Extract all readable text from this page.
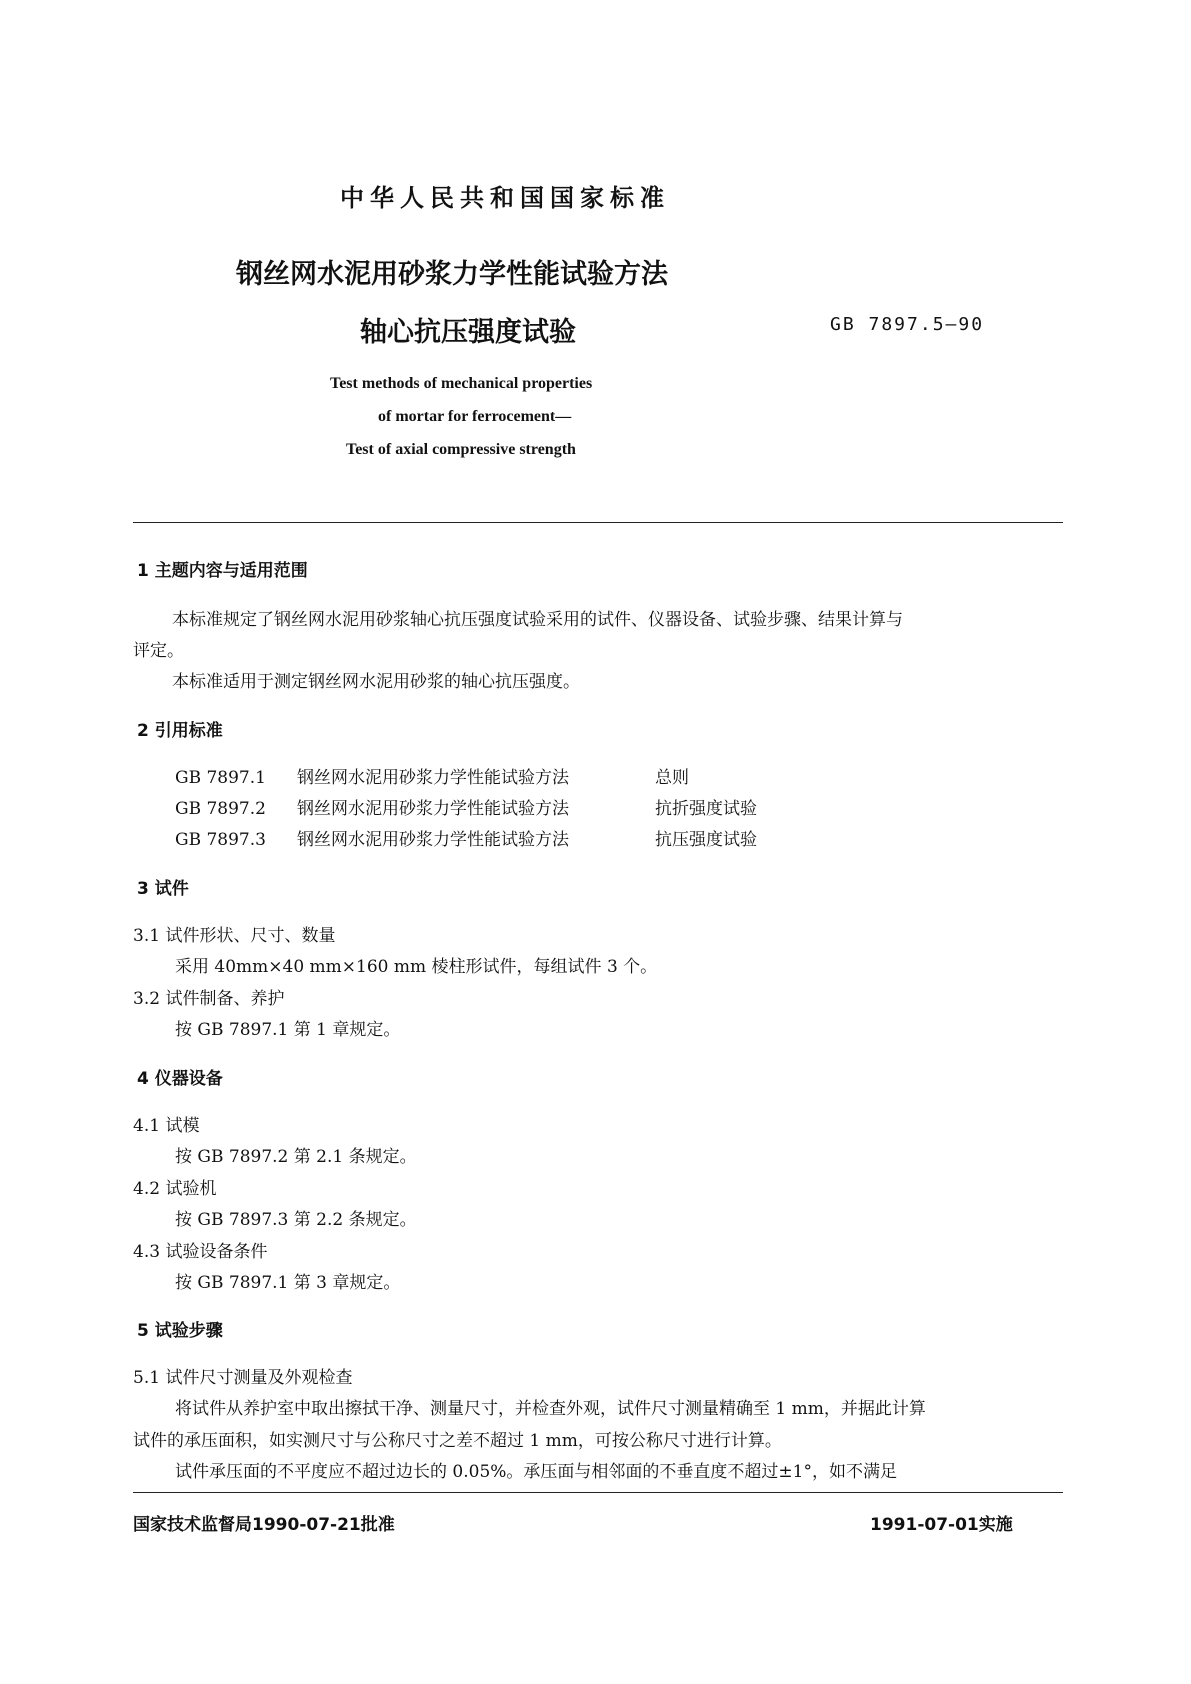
中华人民共和国国家标准
钢丝网水泥用砂浆力学性能试验方法
轴心抗压强度试验	GB 7897.5—90
Test methods of mechanical properties
of mortar for ferrocement—
Test of axial compressive strength
1 主题内容与适用范围
本标准规定了钢丝网水泥用砂浆轴心抗压强度试验采用的试件、仪器设备、试验步骤、结果计算与
评定。
本标准适用于测定钢丝网水泥用砂浆的轴心抗压强度。
2 引用标准
GB 7897.1 钢丝网水泥用砂浆力学性能试验方法	总则
GB 7897.2 钢丝网水泥用砂浆力学性能试验方法	抗折强度试验
GB 7897.3 钢丝网水泥用砂浆力学性能试验方法	抗压强度试验
3 试件
3.1 试件形状、尺寸、数量
采用 40mm×40 mm×160 mm 棱柱形试件，每组试件 3 个。
3.2 试件制备、养护
按 GB 7897.1 第 1 章规定。
4 仪器设备
4.1 试模
按 GB 7897.2 第 2.1 条规定。
4.2 试验机
按 GB 7897.3 第 2.2 条规定。
4.3 试验设备条件
按 GB 7897.1 第 3 章规定。
5 试验步骤
5.1 试件尺寸测量及外观检查
将试件从养护室中取出擦拭干净、测量尺寸，并检查外观，试件尺寸测量精确至 1 mm，并据此计算
试件的承压面积，如实测尺寸与公称尺寸之差不超过 1 mm，可按公称尺寸进行计算。
试件承压面的不平度应不超过边长的 0.05%。承压面与相邻面的不垂直度不超过±1°，如不满足
国家技术监督局1990-07-21批准	1991-07-01实施
